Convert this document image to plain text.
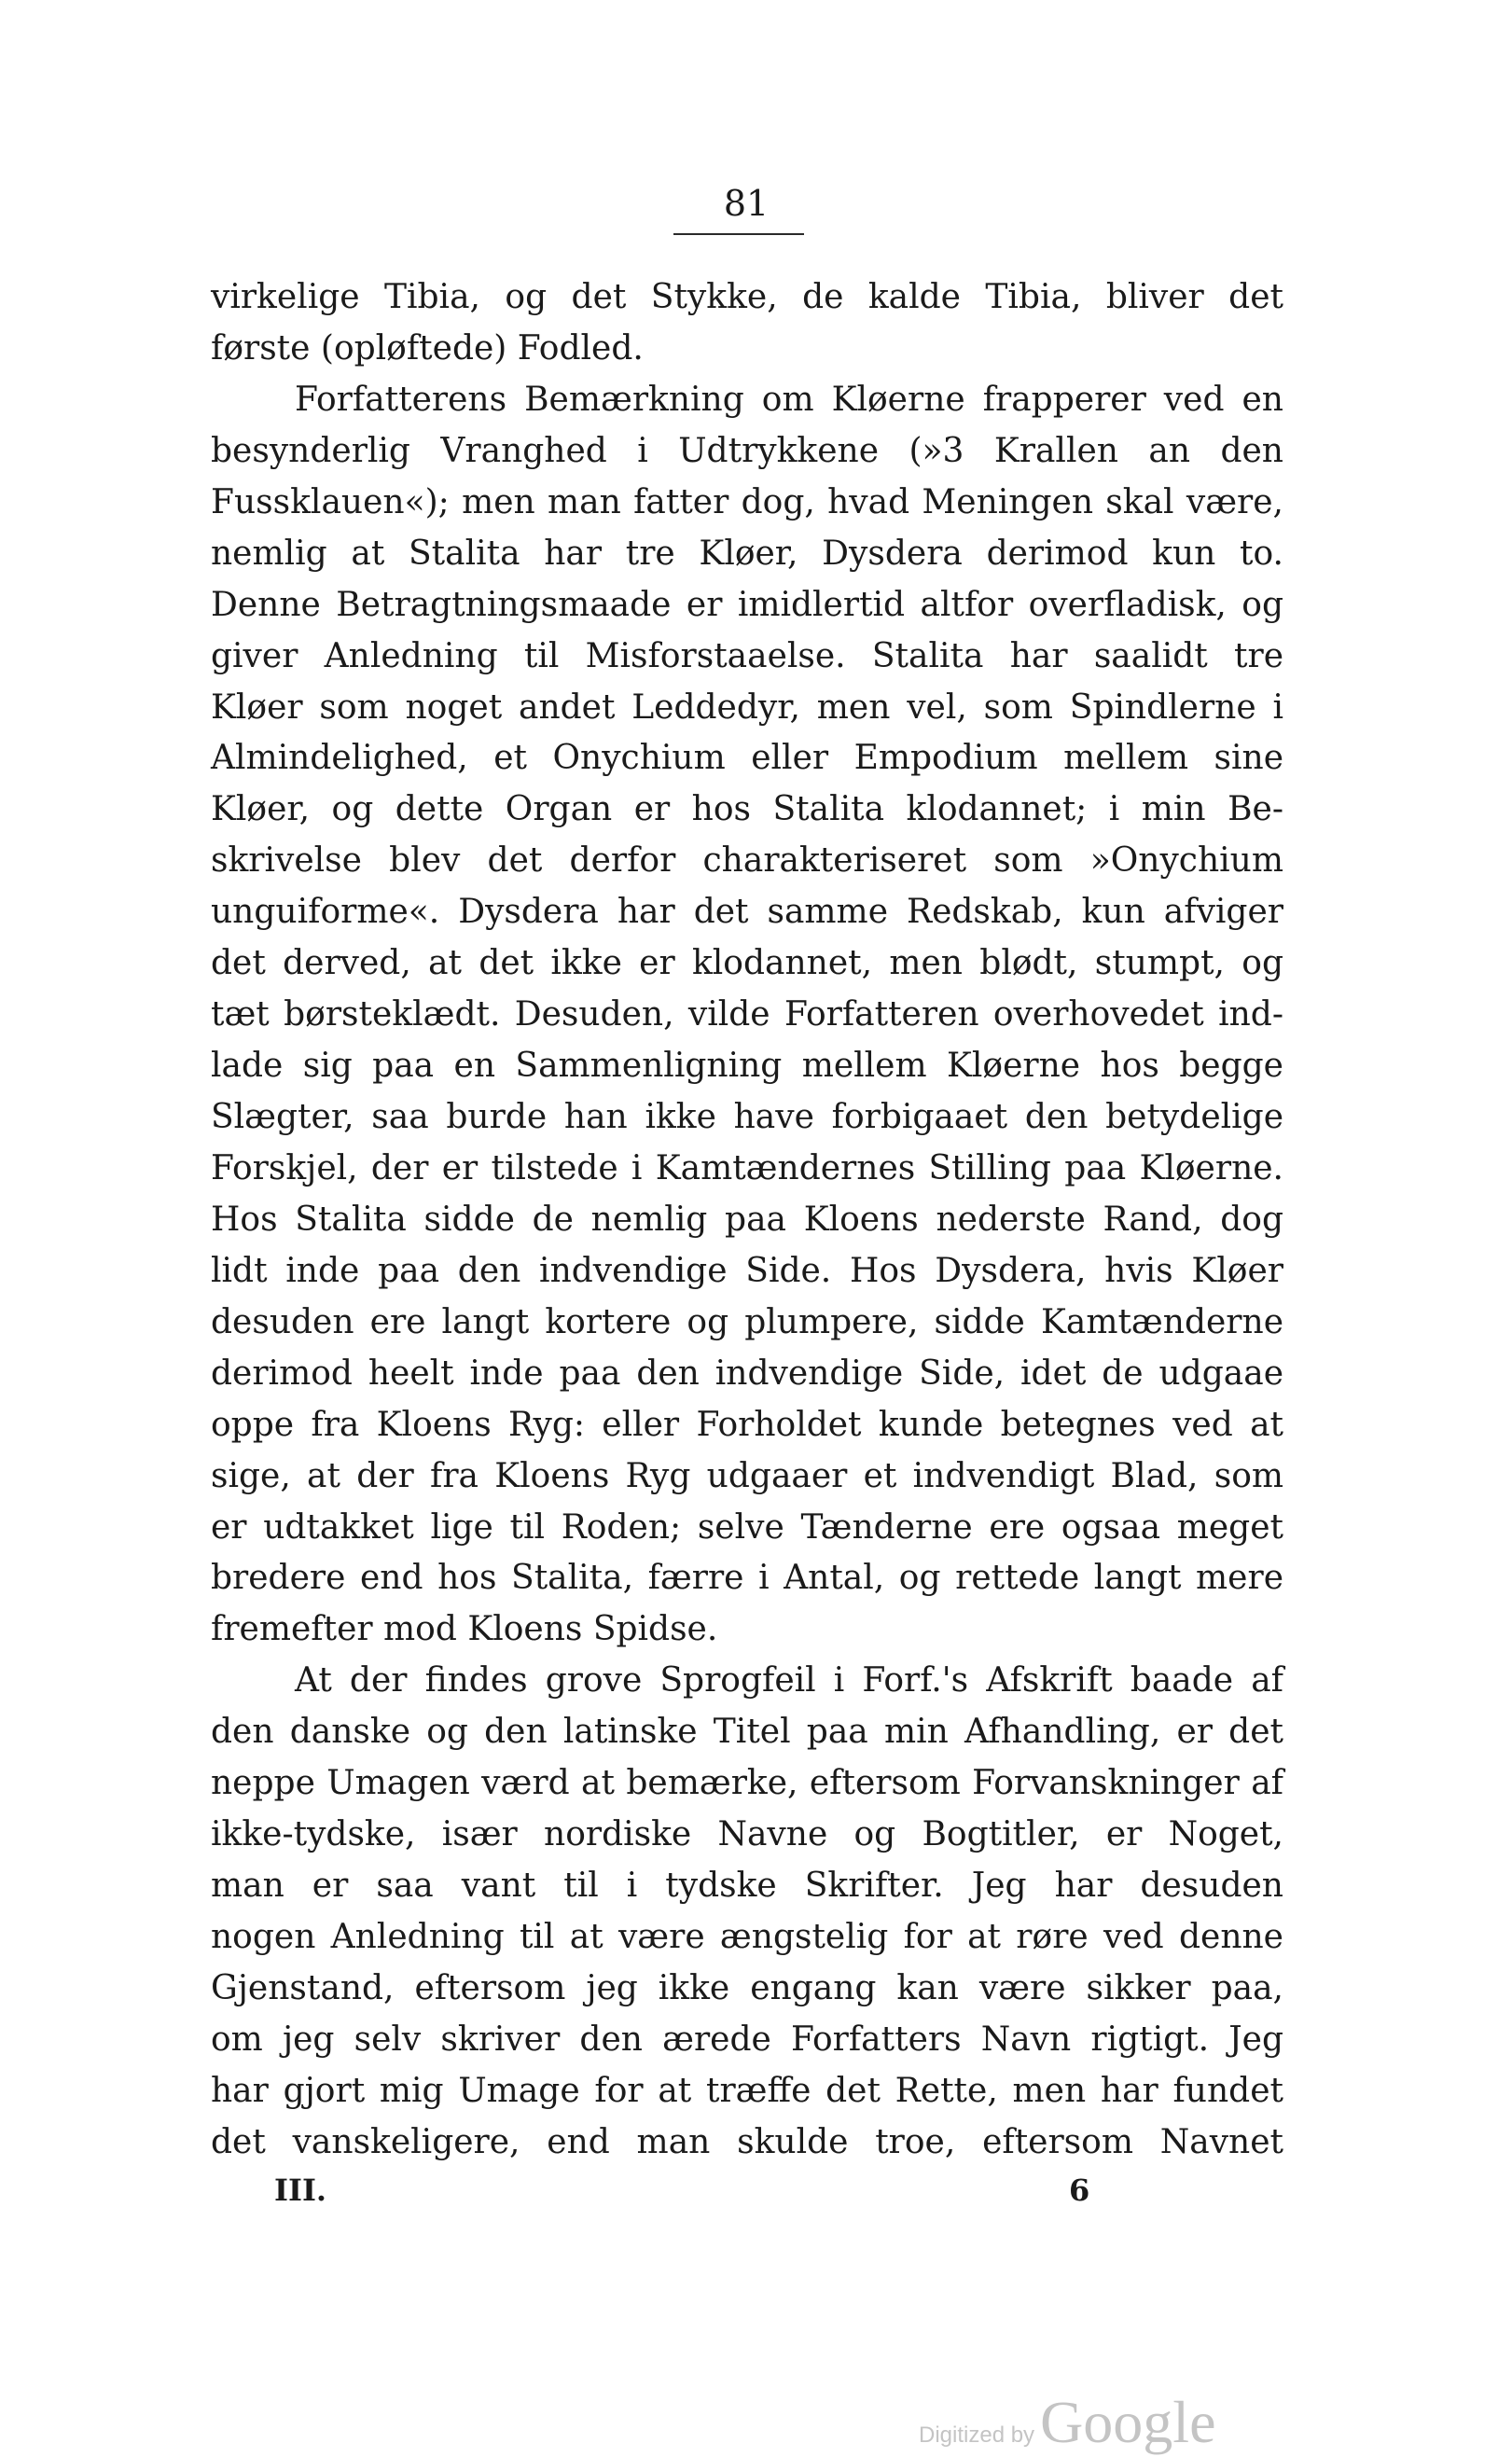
81
virkelige Tibia, og det Stykke, de kalde Tibia, bliver det
første (opløftede) Fodled.
Forfatterens Bemærkning om Kløerne frapperer ved en
besynderlig Vranghed i Udtrykkene (»3 Krallen an den
Fussklauen«); men man fatter dog, hvad Meningen skal være,
nemlig at Stalita har tre Kløer, Dysdera derimod kun to.
Denne Betragtningsmaade er imidlertid altfor overfladisk, og
giver Anledning til Misforstaaelse. Stalita har saalidt tre
Kløer som noget andet Leddedyr, men vel, som Spindlerne i
Almindelighed, et Onychium eller Empodium mellem sine
Kløer, og dette Organ er hos Stalita klodannet; i min Be-
skrivelse blev det derfor charakteriseret som »Onychium
unguiforme«. Dysdera har det samme Redskab, kun afviger
det derved, at det ikke er klodannet, men blødt, stumpt, og
tæt børsteklædt. Desuden, vilde Forfatteren overhovedet ind-
lade sig paa en Sammenligning mellem Kløerne hos begge
Slægter, saa burde han ikke have forbigaaet den betydelige
Forskjel, der er tilstede i Kamtændernes Stilling paa Kløerne.
Hos Stalita sidde de nemlig paa Kloens nederste Rand, dog
lidt inde paa den indvendige Side. Hos Dysdera, hvis Kløer
desuden ere langt kortere og plumpere, sidde Kamtænderne
derimod heelt inde paa den indvendige Side, idet de udgaae
oppe fra Kloens Ryg: eller Forholdet kunde betegnes ved at
sige, at der fra Kloens Ryg udgaaer et indvendigt Blad, som
er udtakket lige til Roden; selve Tænderne ere ogsaa meget
bredere end hos Stalita, færre i Antal, og rettede langt mere
fremefter mod Kloens Spidse.
At der findes grove Sprogfeil i Forf.'s Afskrift baade af
den danske og den latinske Titel paa min Afhandling, er det
neppe Umagen værd at bemærke, eftersom Forvanskninger af
ikke-tydske, især nordiske Navne og Bogtitler, er Noget,
man er saa vant til i tydske Skrifter. Jeg har desuden
nogen Anledning til at være ængstelig for at røre ved denne
Gjenstand, eftersom jeg ikke engang kan være sikker paa,
om jeg selv skriver den ærede Forfatters Navn rigtigt. Jeg
har gjort mig Umage for at træffe det Rette, men har fundet
det vanskeligere, end man skulde troe, eftersom Navnet
III.	6
Digitized byGoogle
